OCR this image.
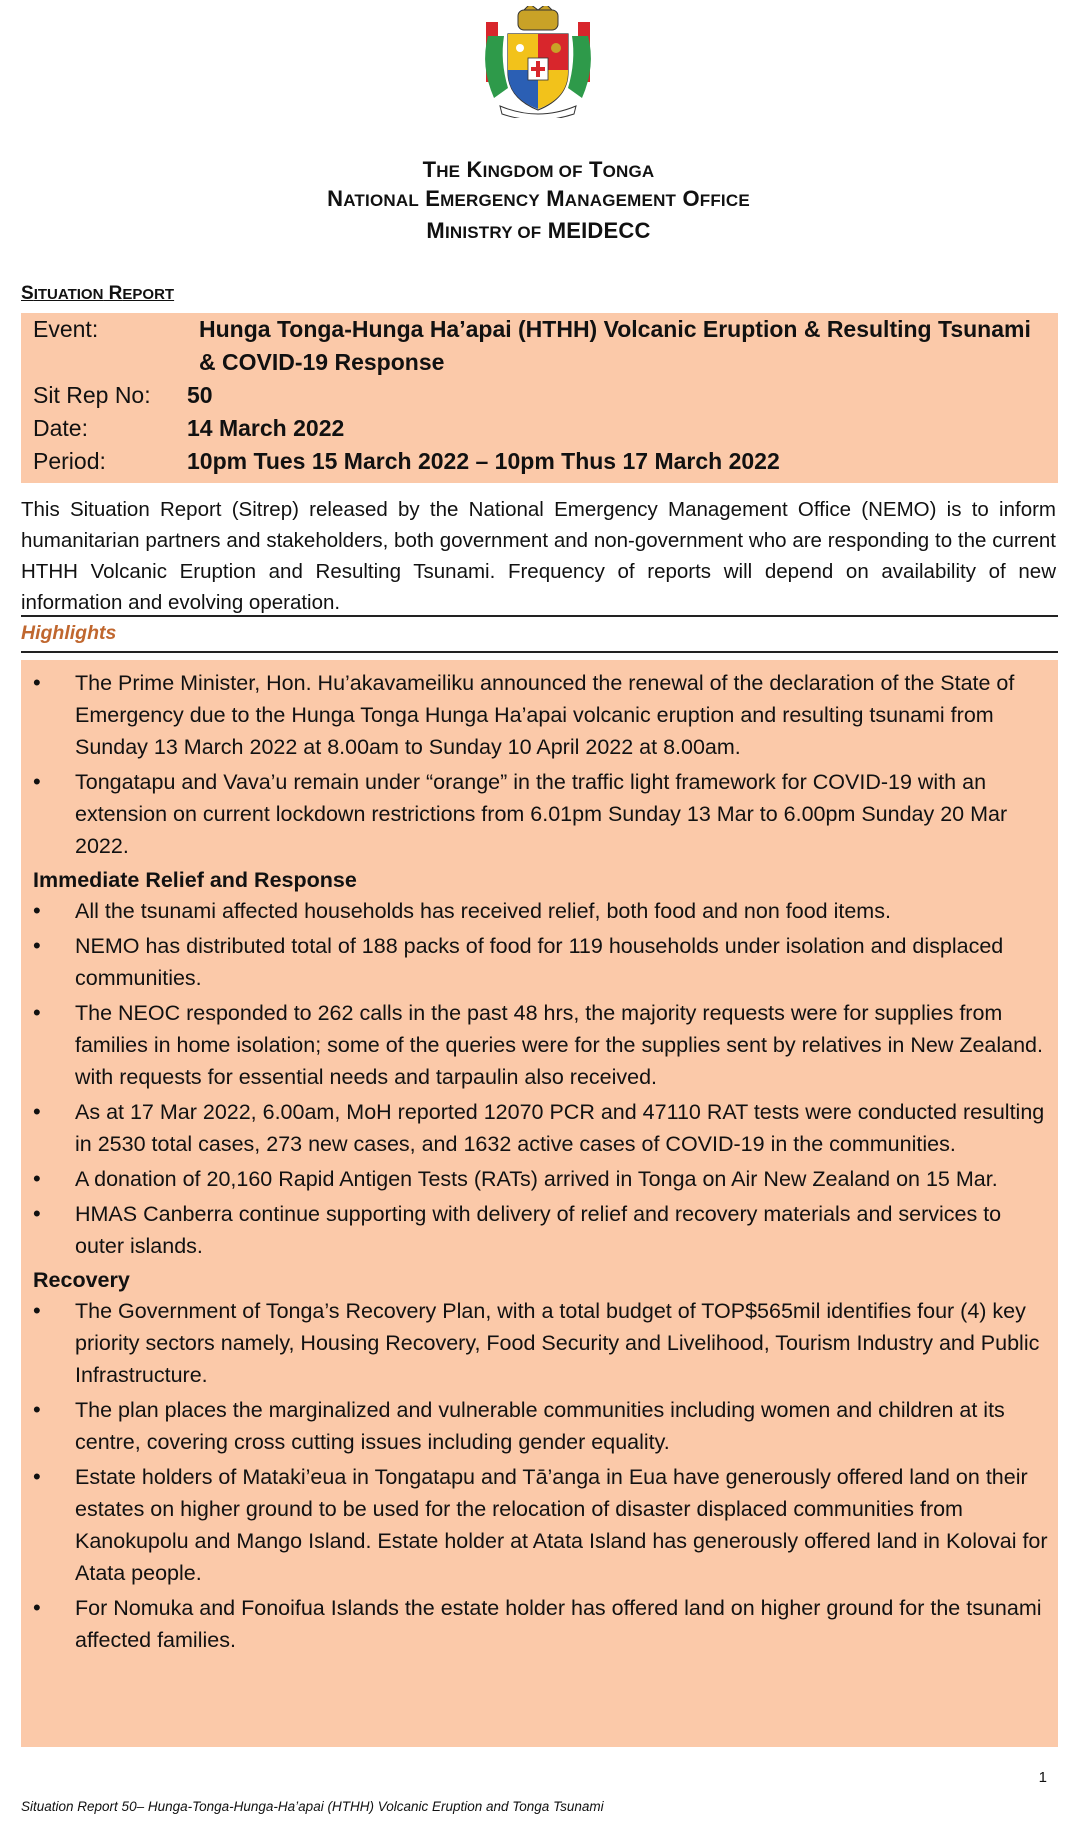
THE KINGDOM OF TONGA
NATIONAL EMERGENCY MANAGEMENT OFFICE
MINISTRY OF MEIDECC
SITUATION REPORT
Event:	Hunga Tonga-Hunga Ha’apai (HTHH) Volcanic Eruption & Resulting Tsunami
& COVID-19 Response
Sit Rep No: 50
Date:	14 March 2022
Period:	10pm Tues 15 March 2022 – 10pm Thus 17 March 2022
This Situation Report (Sitrep) released by the National Emergency Management Office (NEMO) is to inform humanitarian partners and stakeholders, both government and non-government who are responding to the current HTHH Volcanic Eruption and Resulting Tsunami. Frequency of reports will depend on availability of new information and evolving operation.
Highlights
• The Prime Minister, Hon. Hu’akavameiliku announced the renewal of the declaration of the State of Emergency due to the Hunga Tonga Hunga Ha’apai volcanic eruption and resulting tsunami from Sunday 13 March 2022 at 8.00am to Sunday 10 April 2022 at 8.00am.
• Tongatapu and Vava’u remain under “orange” in the traffic light framework for COVID-19 with an extension on current lockdown restrictions from 6.01pm Sunday 13 Mar to 6.00pm Sunday 20 Mar 2022.
Immediate Relief and Response
• All the tsunami affected households has received relief, both food and non food items.
• NEMO has distributed total of 188 packs of food for 119 households under isolation and displaced communities.
• The NEOC responded to 262 calls in the past 48 hrs, the majority requests were for supplies from families in home isolation; some of the queries were for the supplies sent by relatives in New Zealand. with requests for essential needs and tarpaulin also received.
• As at 17 Mar 2022, 6.00am, MoH reported 12070 PCR and 47110 RAT tests were conducted resulting in 2530 total cases, 273 new cases, and 1632 active cases of COVID-19 in the communities.
• A donation of 20,160 Rapid Antigen Tests (RATs) arrived in Tonga on Air New Zealand on 15 Mar.
• HMAS Canberra continue supporting with delivery of relief and recovery materials and services to outer islands.
Recovery
• The Government of Tonga’s Recovery Plan, with a total budget of TOP$565mil identifies four (4) key priority sectors namely, Housing Recovery, Food Security and Livelihood, Tourism Industry and Public Infrastructure.
• The plan places the marginalized and vulnerable communities including women and children at its centre, covering cross cutting issues including gender equality.
• Estate holders of Mataki’eua in Tongatapu and Tā’anga in Eua have generously offered land on their estates on higher ground to be used for the relocation of disaster displaced communities from Kanokupolu and Mango Island. Estate holder at Atata Island has generously offered land in Kolovai for Atata people.
• For Nomuka and Fonoifua Islands the estate holder has offered land on higher ground for the tsunami affected families.
1
Situation Report 50– Hunga-Tonga-Hunga-Ha’apai (HTHH) Volcanic Eruption and Tonga Tsunami
